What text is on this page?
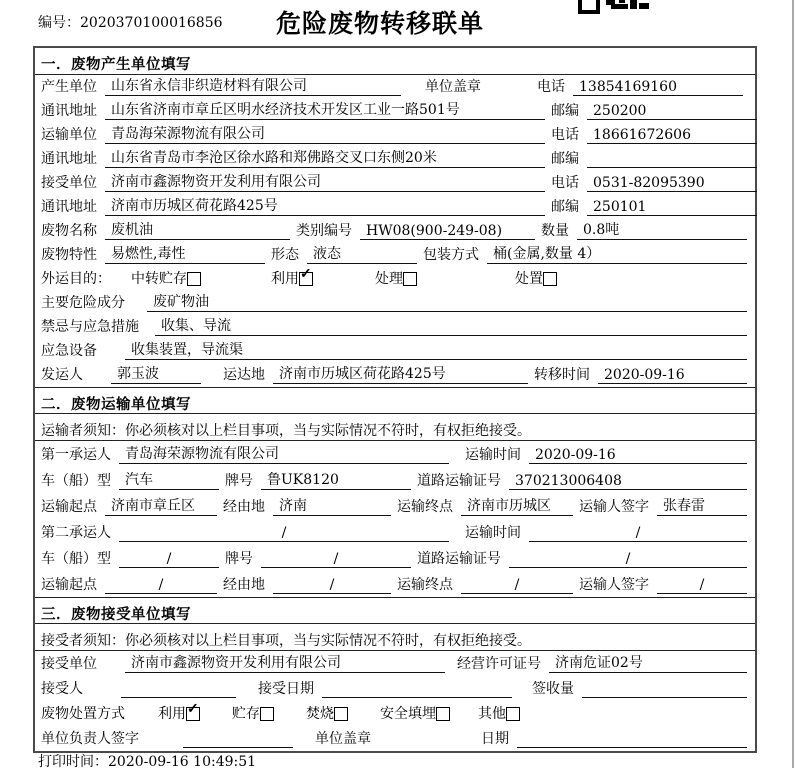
编号：2020370100016856	危险废物转移联单
一．废物产生单位填写
产生单位	山东省永信非织造材料有限公司	单位盖章	电话	13854169160
通讯地址	山东省济南市章丘区明水经济技术开发区工业一路501号	邮编	250200
运输单位	青岛海荣源物流有限公司	电话	18661672606
通讯地址	山东省青岛市李沧区徐水路和郑佛路交叉口东侧20米	邮编
接受单位	济南市鑫源物资开发利用有限公司	电话	0531-82095390
通讯地址	济南市历城区荷花路425号	邮编	250101
废物名称	废机油	类别编号	HW08(900-249-08)	数量	0.8吨
废物特性	易燃性,毒性	形态	液态	包装方式	桶(金属,数量 4）
外运目的： 中转贮存	利用 ✓	处理	处置
主要危险成分	废矿物油
禁忌与应急措施	收集、导流
应急设备	收集装置，导流渠
发运人	郭玉波	运达地	济南市历城区荷花路425号	转移时间	2020-09-16
二．废物运输单位填写
运输者须知：你必须核对以上栏目事项，当与实际情况不符时，有权拒绝接受。
第一承运人	青岛海荣源物流有限公司	运输时间	2020-09-16
车（船）型	汽车	牌号	鲁UK8120	道路运输证号	370213006408
运输起点	济南市章丘区	经由地	济南	运输终点	济南市历城区	运输人签字	张春雷
第二承运人	/	运输时间	/
车（船）型	/	牌号	/	道路运输证号	/
运输起点	/	经由地	/	运输终点	/	运输人签字	/
三．废物接受单位填写
接受者须知：你必须核对以上栏目事项，当与实际情况不符时，有权拒绝接受。
接受单位	济南市鑫源物资开发利用有限公司	经营许可证号	济南危证02号
接受人	接受日期	签收量
废物处置方式 利用 ✓ 贮存	焚烧	安全填埋	其他
单位负责人签字	单位盖章	日期
打印时间：2020-09-16 10:49:51
